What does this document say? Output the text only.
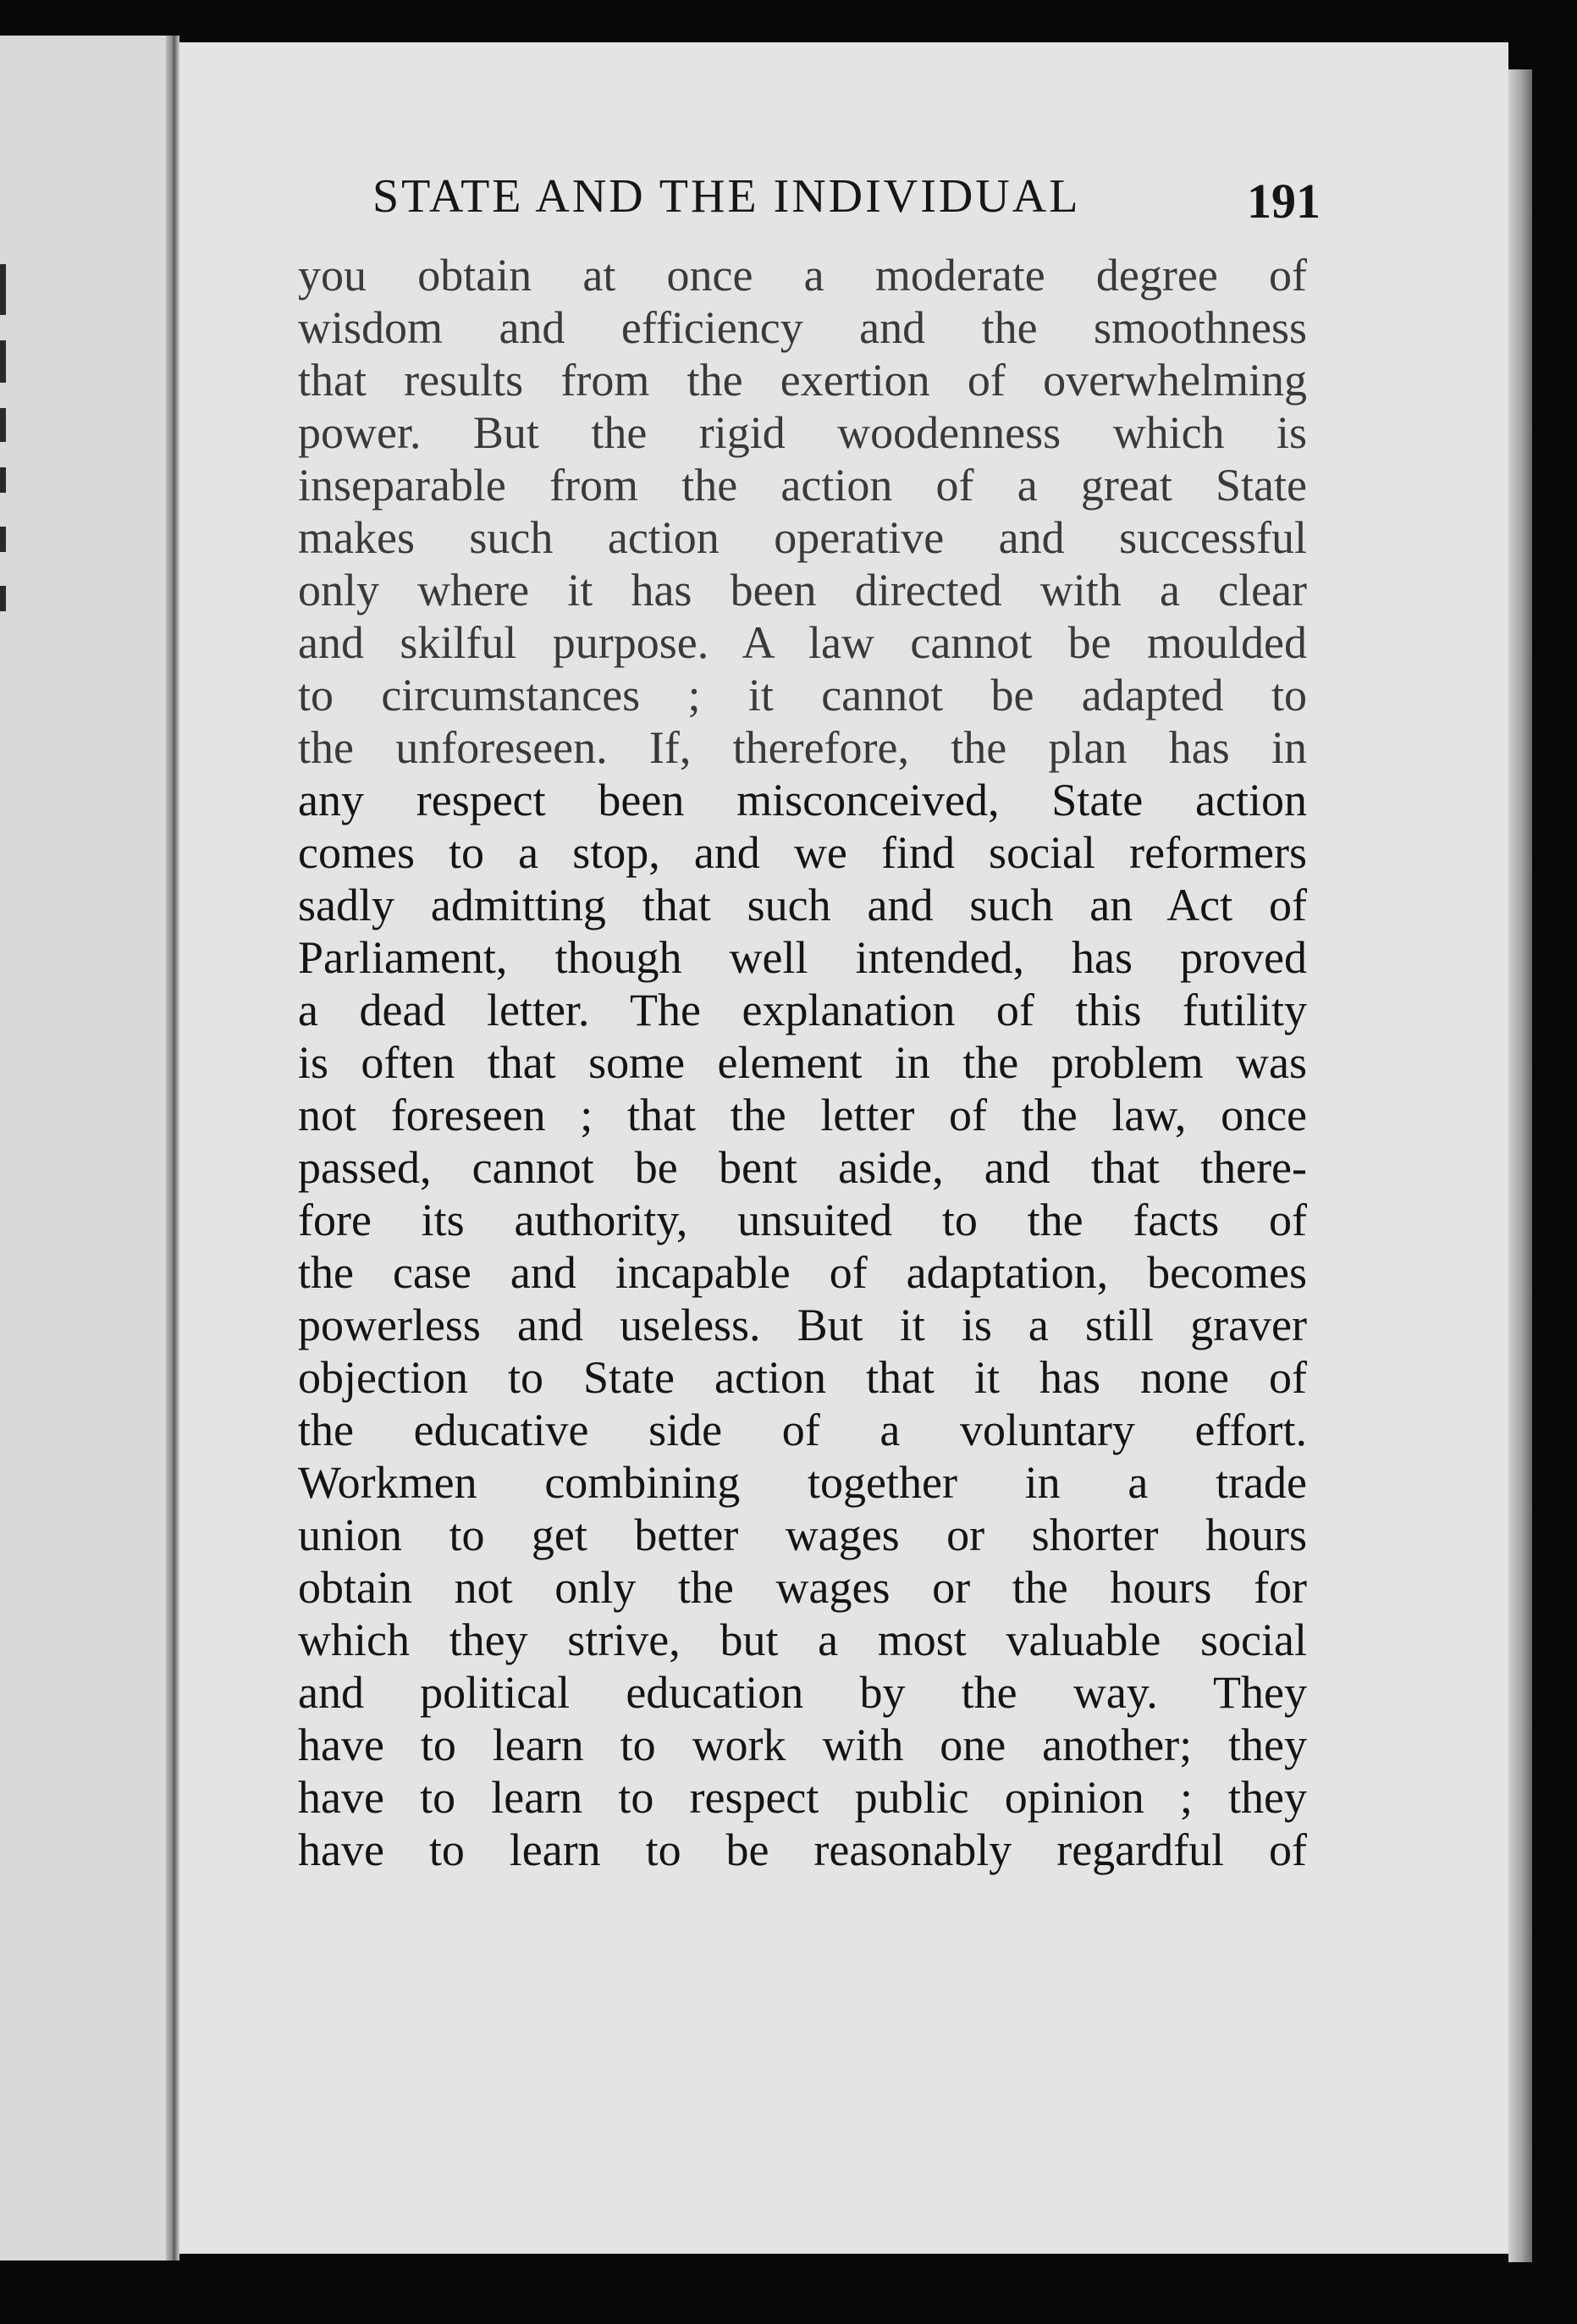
STATE AND THE INDIVIDUAL	191
you obtain at once a moderate degree of
wisdom and efficiency and the smoothness
that results from the exertion of overwhelming
power. But the rigid woodenness which is
inseparable from the action of a great State
makes such action operative and successful
only where it has been directed with a clear
and skilful purpose. A law cannot be moulded
to circumstances ; it cannot be adapted to
the unforeseen. If, therefore, the plan has in
any respect been misconceived, State action
comes to a stop, and we find social reformers
sadly admitting that such and such an Act of
Parliament, though well intended, has proved
a dead letter. The explanation of this futility
is often that some element in the problem was
not foreseen ; that the letter of the law, once
passed, cannot be bent aside, and that there-
fore its authority, unsuited to the facts of
the case and incapable of adaptation, becomes
powerless and useless. But it is a still graver
objection to State action that it has none of
the educative side of a voluntary effort.
Workmen combining together in a trade
union to get better wages or shorter hours
obtain not only the wages or the hours for
which they strive, but a most valuable social
and political education by the way. They
have to learn to work with one another; they
have to learn to respect public opinion ; they
have to learn to be reasonably regardful of
